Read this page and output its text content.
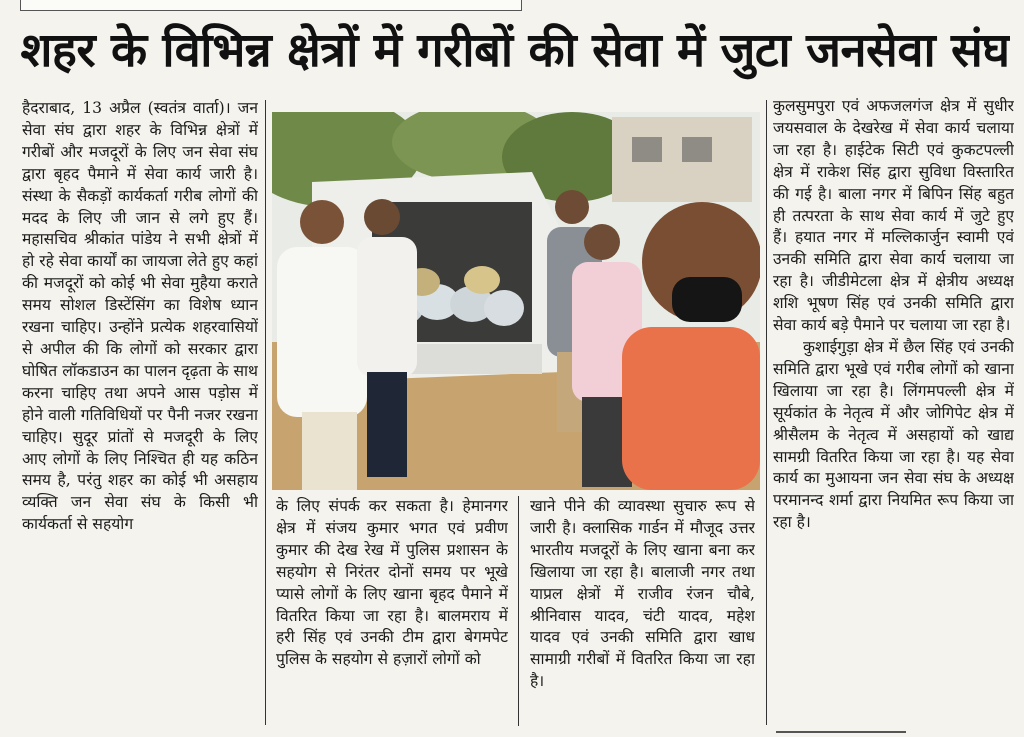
शहर के विभिन्न क्षेत्रों में गरीबों की सेवा में जुटा जनसेवा संघ

हैदराबाद, 13 अप्रैल (स्वतंत्र वार्ता)। जन सेवा संघ द्वारा शहर के विभिन्न क्षेत्रों में गरीबों और मजदूरों के लिए जन सेवा संघ द्वारा बृहद पैमाने में सेवा कार्य जारी है। संस्था के सैकड़ों कार्यकर्ता गरीब लोगों की मदद के लिए जी जान से लगे हुए हैं। महासचिव श्रीकांत पांडेय ने सभी क्षेत्रों में हो रहे सेवा कार्यों का जायजा लेते हुए कहां की मजदूरों को कोई भी सेवा मुहैया कराते समय सोशल डिस्टेंसिंग का विशेष ध्यान रखना चाहिए। उन्होंने प्रत्येक शहरवासियों से अपील की कि लोगों को सरकार द्वारा घोषित लॉकडाउन का पालन दृढ़ता के साथ करना चाहिए तथा अपने आस पड़ोस में होने वाली गतिविधियों पर पैनी नजर रखना चाहिए। सुदूर प्रांतों से मजदूरी के लिए आए लोगों के लिए निश्चित ही यह कठिन समय है, परंतु शहर का कोई भी असहाय व्यक्ति जन सेवा संघ के किसी भी कार्यकर्ता से सहयोग

के लिए संपर्क कर सकता है। हेमानगर क्षेत्र में संजय कुमार भगत एवं प्रवीण कुमार की देख रेख में पुलिस प्रशासन के सहयोग से निरंतर दोनों समय पर भूखे प्यासे लोगों के लिए खाना बृहद पैमाने में वितरित किया जा रहा है। बालमराय में हरी सिंह एवं उनकी टीम द्वारा बेगमपेट पुलिस के सहयोग से हज़ारों लोगों को

खाने पीने की व्यावस्था सुचारु रूप से जारी है। क्लासिक गार्डन में मौजूद उत्तर भारतीय मजदूरों के लिए खाना बना कर खिलाया जा रहा है। बालाजी नगर तथा याप्रल क्षेत्रों में राजीव रंजन चौबे, श्रीनिवास यादव, चंटी यादव, महेश यादव एवं उनकी समिति द्वारा खाध सामाग्री गरीबों में वितरित किया जा रहा है।

कुलसुमपुरा एवं अफजलगंज क्षेत्र में सुधीर जयसवाल के देखरेख में सेवा कार्य चलाया जा रहा है। हाईटेक सिटी एवं कुकटपल्ली क्षेत्र में राकेश सिंह द्वारा सुविधा विस्तारित की गई है। बाला नगर में बिपिन सिंह बहुत ही तत्परता के साथ सेवा कार्य में जुटे हुए हैं। हयात नगर में मल्लिकार्जुन स्वामी एवं उनकी समिति द्वारा सेवा कार्य चलाया जा रहा है। जीडीमेटला क्षेत्र में क्षेत्रीय अध्यक्ष शशि भूषण सिंह एवं उनकी समिति द्वारा सेवा कार्य बड़े पैमाने पर चलाया जा रहा है।

कुशाईगुड़ा क्षेत्र में छैल सिंह एवं उनकी समिति द्वारा भूखे एवं गरीब लोगों को खाना खिलाया जा रहा है। लिंगमपल्ली क्षेत्र में सूर्यकांत के नेतृत्व में और जोगिपेट क्षेत्र में श्रीसैलम के नेतृत्व में असहायों को खाद्य सामग्री वितरित किया जा रहा है। यह सेवा कार्य का मुआयना जन सेवा संघ के अध्यक्ष परमानन्द शर्मा द्वारा नियमित रूप किया जा रहा है।
